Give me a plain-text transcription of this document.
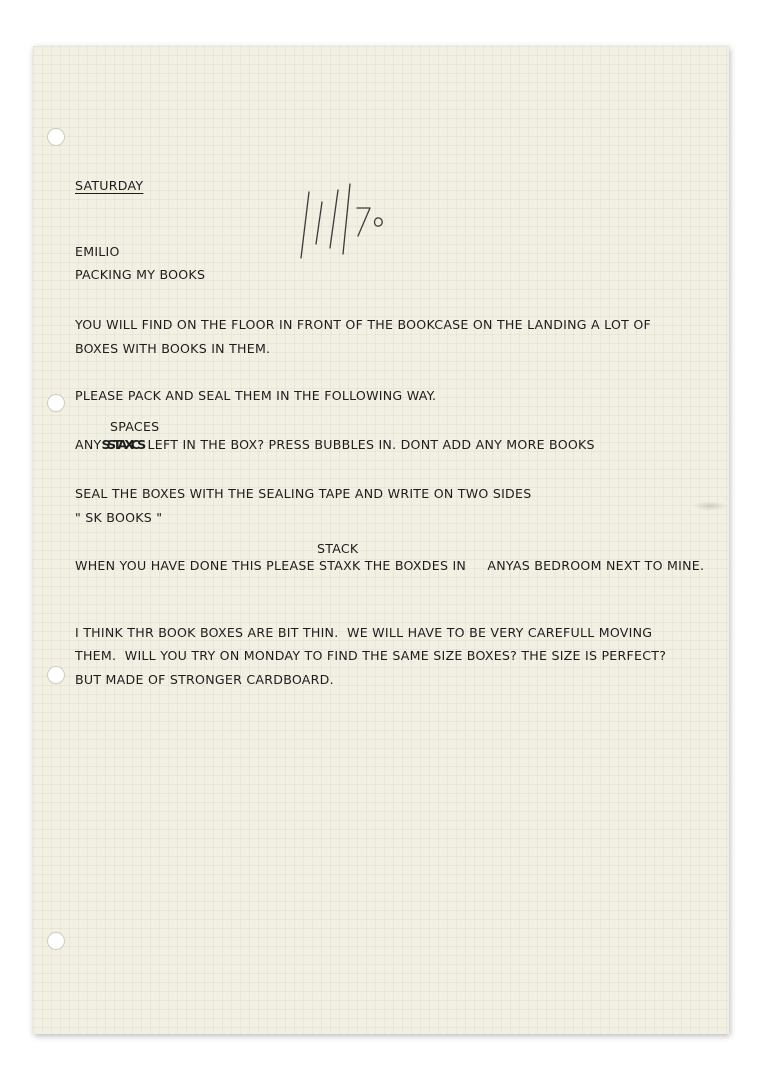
SATURDAY
EMILIO
PACKING MY BOOKS
YOU WILL FIND ON THE FLOOR IN FRONT OF THE BOOKCASE ON THE LANDING A LOT OF
BOXES WITH BOOKS IN THEM.
PLEASE PACK AND SEAL THEM IN THE FOLLOWING WAY.
SPACES
ANYSSTAXCS LEFT IN THE BOX? PRESS BUBBLES IN. DONT ADD ANY MORE BOOKS
SEAL THE BOXES WITH THE SEALING TAPE AND WRITE ON TWO SIDES
" SK BOOKS "
STACK
WHEN YOU HAVE DONE THIS PLEASE STAXK THE BOXDES IN     ANYAS BEDROOM NEXT TO MINE.
I THINK THR BOOK BOXES ARE BIT THIN.  WE WILL HAVE TO BE VERY CAREFULL MOVING
THEM.  WILL YOU TRY ON MONDAY TO FIND THE SAME SIZE BOXES? THE SIZE IS PERFECT?
BUT MADE OF STRONGER CARDBOARD.
